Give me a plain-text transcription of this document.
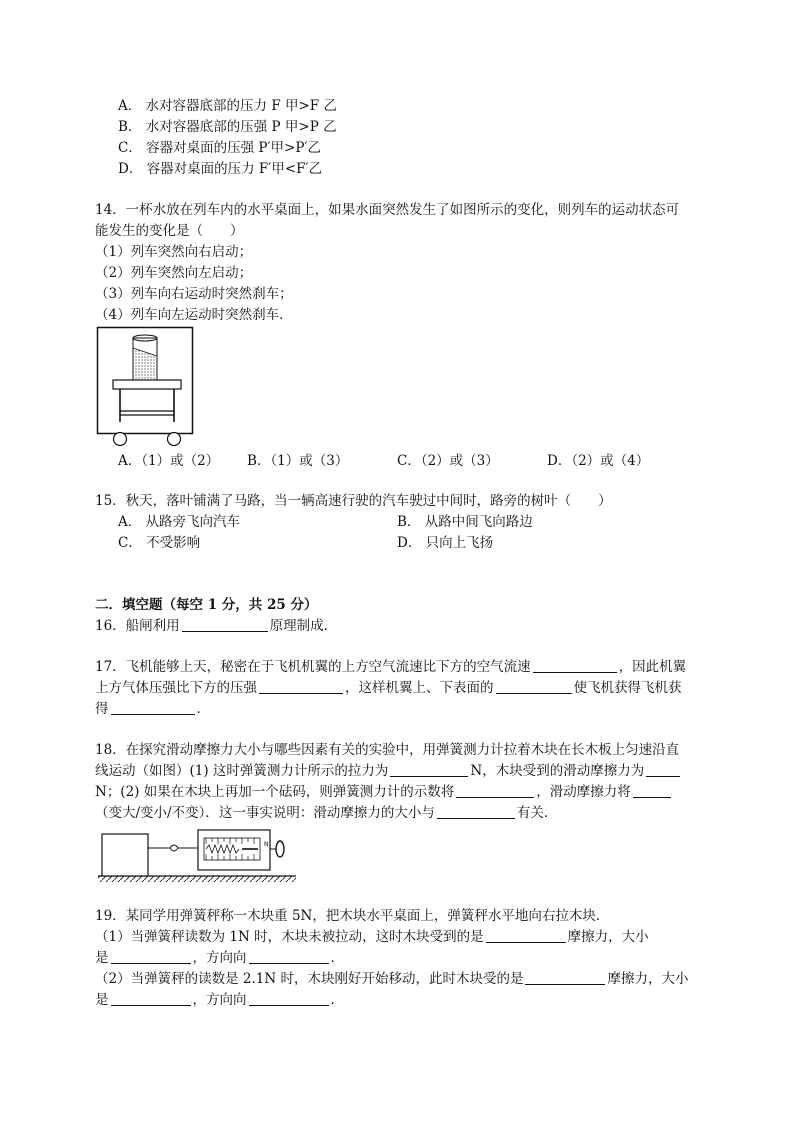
A． 水对容器底部的压力 F 甲>F 乙
B． 水对容器底部的压强 P 甲>P 乙
C． 容器对桌面的压强 P′甲>P′乙
D． 容器对桌面的压力 F′甲<F′乙
14．一杯水放在列车内的水平桌面上，如果水面突然发生了如图所示的变化，则列车的运动状态可
能发生的变化是（　　）
（1）列车突然向右启动；
（2）列车突然向左启动；
（3）列车向右运动时突然刹车；
（4）列车向左运动时突然刹车．
A．（1）或（2） B．（1）或（3）	C．（2）或（3）	D．（2）或（4）
15．秋天，落叶铺满了马路，当一辆高速行驶的汽车驶过中间时，路旁的树叶（　　）
A． 从路旁飞向汽车	B． 从路中间飞向路边
C． 不受影响	D． 只向上飞扬
二．填空题（每空 1 分，共 25 分）
16．船闸利用	原理制成．
17．飞机能够上天，秘密在于飞机机翼的上方空气流速比下方的空气流速	，因此机翼
上方气体压强比下方的压强	，这样机翼上、下表面的	使飞机获得飞机获
得	．
18．在探究滑动摩擦力大小与哪些因素有关的实验中，用弹簧测力计拉着木块在长木板上匀速沿直
线运动（如图）(1) 这时弹簧测力计所示的拉力为	N，木块受到的滑动摩擦力为
N；(2) 如果在木块上再加一个砝码，则弹簧测力计的示数将	，滑动摩擦力将
（变大/变小/不变）．这一事实说明：滑动摩擦力的大小与	有关．
N
19．某同学用弹簧秤称一木块重 5N，把木块水平桌面上，弹簧秤水平地向右拉木块．
（1）当弹簧秤读数为 1N 时，木块未被拉动，这时木块受到的是	摩擦力，大小
是	，方向向	．
（2）当弹簧秤的读数是 2.1N 时，木块刚好开始移动，此时木块受的是	摩擦力，大小
是	，方向向	．
